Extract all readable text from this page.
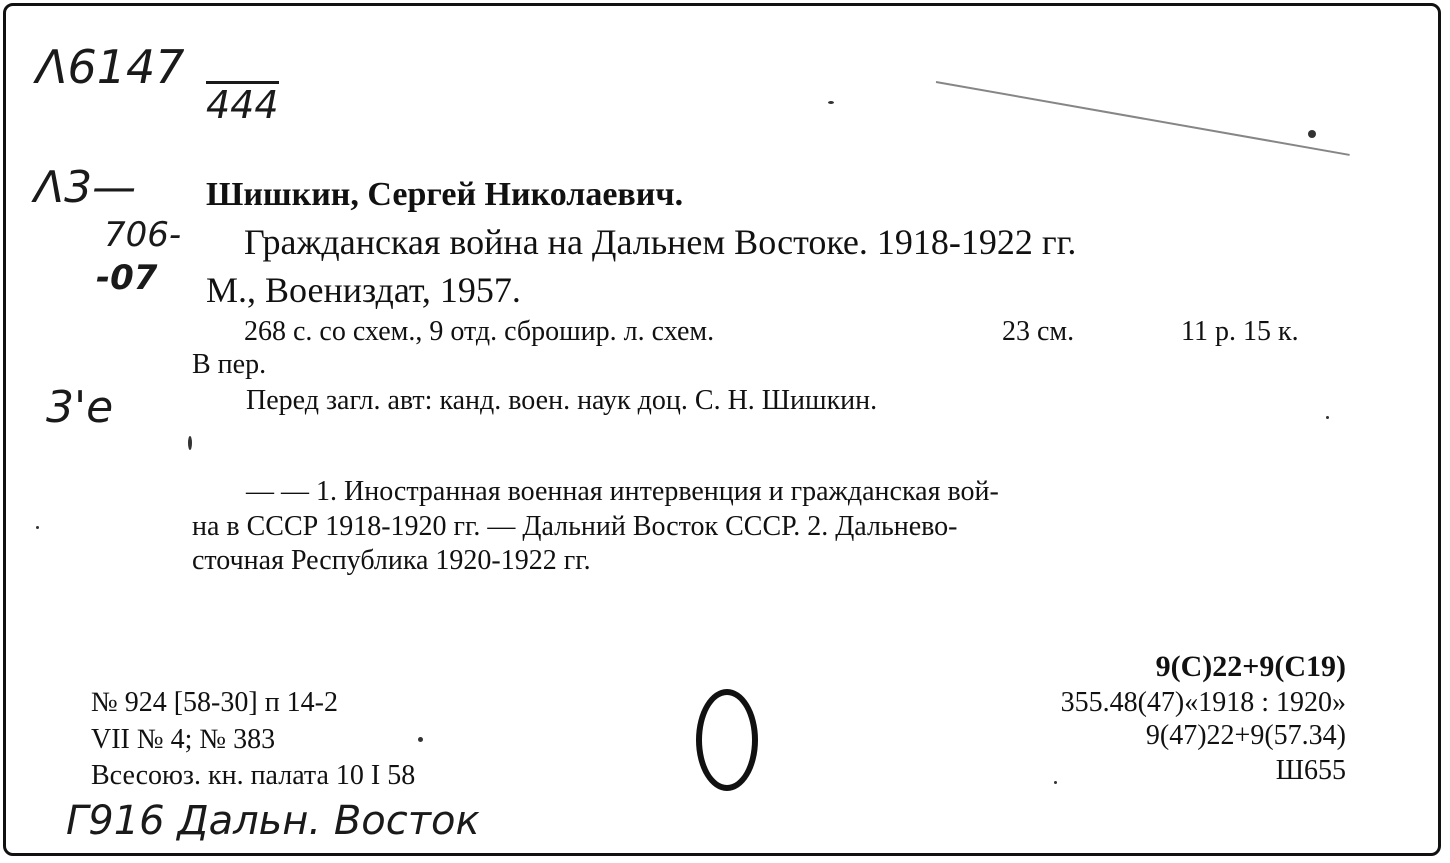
Λ6147
444
Λ3—
706-
-07
3'e
Шишкин, Сергей Николаевич.
Гражданская война на Дальнем Востоке. 1918-1922 гг.
М., Воениздат, 1957.
268 с. со схем., 9 отд. сброшир. л. схем.	23 см.	11 р. 15 к.
В пер.
Перед загл. авт: канд. воен. наук доц. С. Н. Шишкин.
— — 1. Иностранная военная интервенция и гражданская вой-
на в СССР 1918-1920 гг. — Дальний Восток СССР. 2. Дальнево-
сточная Республика 1920-1922 гг.
№ 924 [58-30] п 14-2
VII № 4; № 383
Всесоюз. кн. палата 10 I 58
9(С)22+9(С19)
355.48(47)«1918 : 1920»
9(47)22+9(57.34)
Ш655
Г916 Дальн. Восток
